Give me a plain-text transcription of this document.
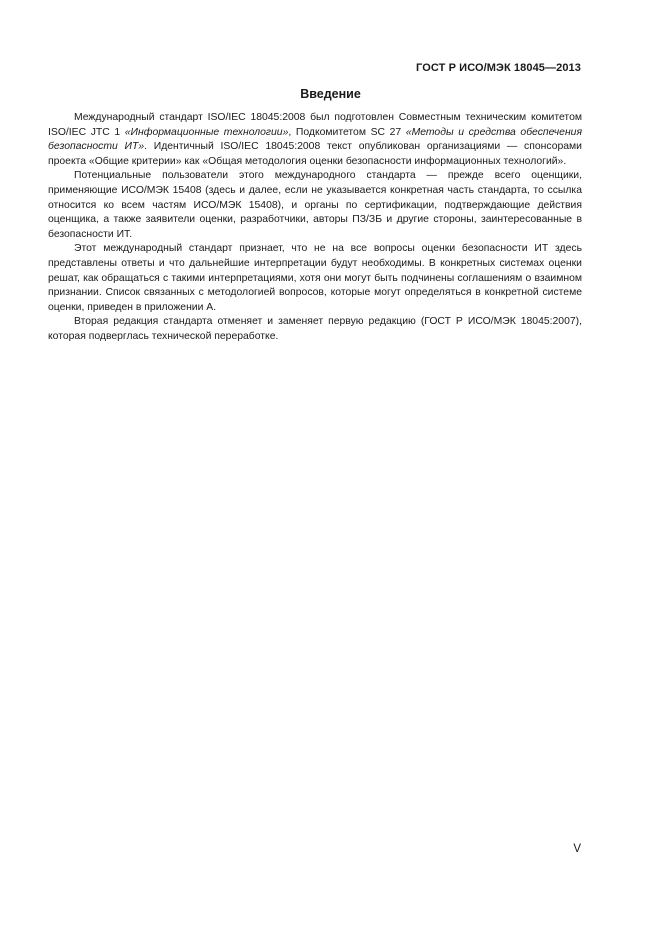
ГОСТ Р ИСО/МЭК 18045—2013
Введение

Международный стандарт ISO/IEC 18045:2008 был подготовлен Совместным техническим комитетом ISO/IEC JTC 1 «Информационные технологии», Подкомитетом SC 27 «Методы и средства обеспечения безопасности ИТ». Идентичный ISO/IEC 18045:2008 текст опубликован организациями — спонсорами проекта «Общие критерии» как «Общая методология оценки безопасности информационных технологий».

Потенциальные пользователи этого международного стандарта — прежде всего оценщики, применяющие ИСО/МЭК 15408 (здесь и далее, если не указывается конкретная часть стандарта, то ссылка относится ко всем частям ИСО/МЭК 15408), и органы по сертификации, подтверждающие действия оценщика, а также заявители оценки, разработчики, авторы ПЗ/ЗБ и другие стороны, заинтересованные в безопасности ИТ.

Этот международный стандарт признает, что не на все вопросы оценки безопасности ИТ здесь представлены ответы и что дальнейшие интерпретации будут необходимы. В конкретных системах оценки решат, как обращаться с такими интерпретациями, хотя они могут быть подчинены соглашениям о взаимном признании. Список связанных с методологией вопросов, которые могут определяться в конкретной системе оценки, приведен в приложении А.

Вторая редакция стандарта отменяет и заменяет первую редакцию (ГОСТ Р ИСО/МЭК 18045:2007), которая подверглась технической переработке.

V
